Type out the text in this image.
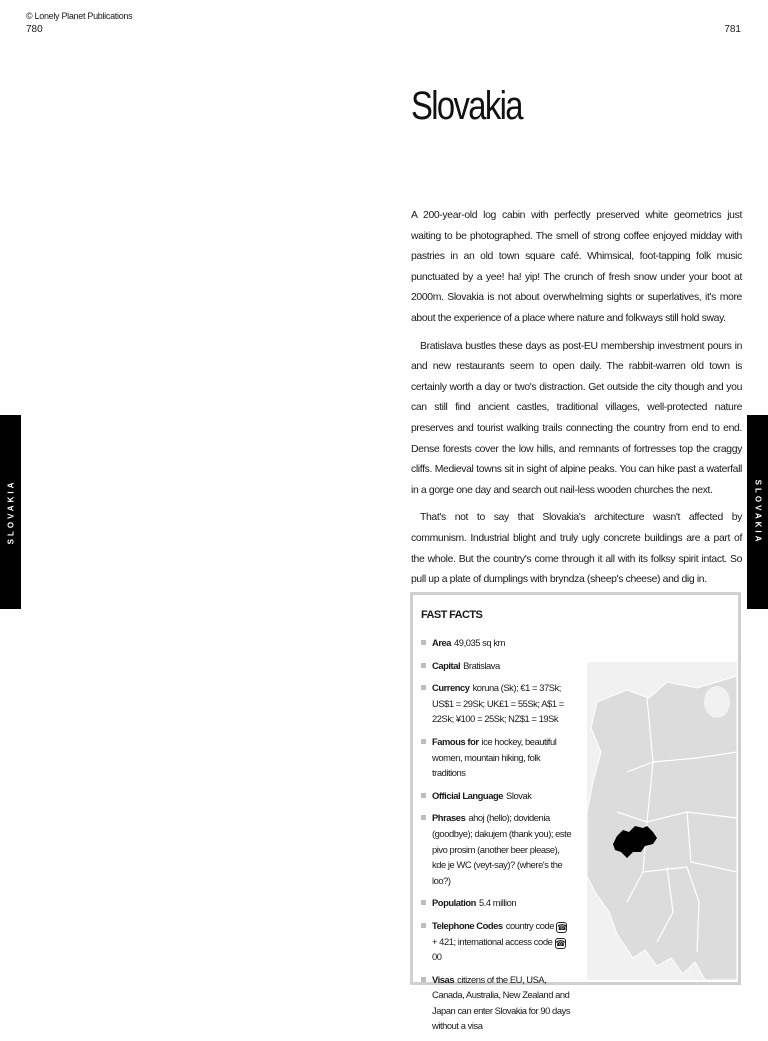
© Lonely Planet Publications
780	781
Slovakia

A 200-year-old log cabin with perfectly preserved white geometrics just waiting to be photographed. The smell of strong coffee enjoyed midday with pastries in an old town square café. Whimsical, foot-tapping folk music punctuated by a yee! ha! yip! The crunch of fresh snow under your boot at 2000m. Slovakia is not about overwhelming sights or superlatives, it's more about the experience of a place where nature and folkways still hold sway.

Bratislava bustles these days as post-EU membership investment pours in and new restaurants seem to open daily. The rabbit-warren old town is certainly worth a day or two's distraction. Get outside the city though and you can still find ancient castles, traditional villages, well-protected nature preserves and tourist walking trails connecting the country from end to end. Dense forests cover the low hills, and remnants of fortresses top the craggy cliffs. Medieval towns sit in sight of alpine peaks. You can hike past a waterfall in a gorge one day and search out nail-less wooden churches the next.

That's not to say that Slovakia's architecture wasn't affected by communism. Industrial blight and truly ugly concrete buildings are a part of the whole. But the country's come through it all with its folksy spirit intact. So pull up a plate of dumplings with bryndza (sheep's cheese) and dig in.

SLOVAKIA	SLOVAKIA
FAST FACTS
Area 49,035 sq km
Capital Bratislava
Currency koruna (Sk); €1 = 37Sk; US$1 = 29Sk; UK£1 = 55Sk; A$1 = 22Sk; ¥100 = 25Sk; NZ$1 = 19Sk
Famous for ice hockey, beautiful women, mountain hiking, folk traditions
Official Language Slovak
Phrases ahoj (hello); dovidenia (goodbye); dakujem (thank you); este pivo prosim (another beer please), kde je WC (veyt-say)? (where's the loo?)
Population 5.4 million
Telephone Codes country code ☎+ 421; international access code ☎00
Visas citizens of the EU, USA, Canada, Australia, New Zealand and Japan can enter Slovakia for 90 days without a visa
